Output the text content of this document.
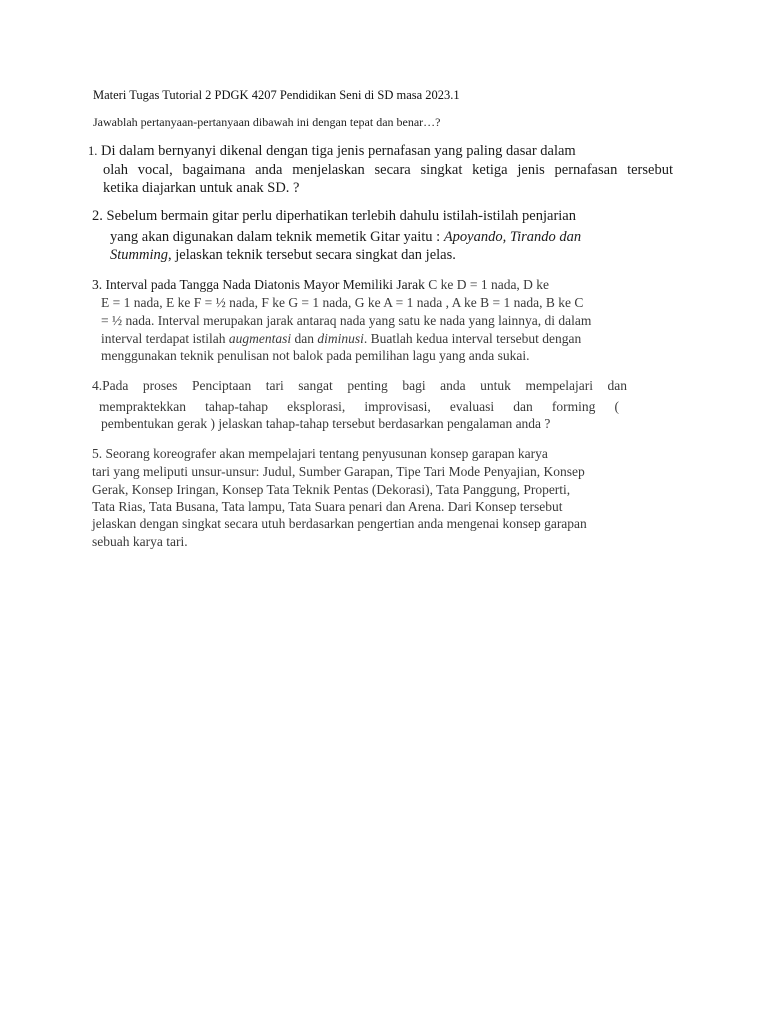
Materi Tugas Tutorial 2 PDGK 4207 Pendidikan Seni di SD masa 2023.1
Jawablah pertanyaan-pertanyaan dibawah ini dengan tepat dan benar…?
1. Di dalam bernyanyi dikenal dengan tiga jenis pernafasan yang paling dasar dalam
olah vocal, bagaimana anda menjelaskan secara singkat ketiga jenis pernafasan tersebut
ketika diajarkan untuk anak SD. ?
2. Sebelum bermain gitar perlu diperhatikan terlebih dahulu istilah-istilah penjarian
yang akan digunakan dalam teknik memetik Gitar yaitu : Apoyando, Tirando dan
Stumming, jelaskan teknik tersebut secara singkat dan jelas.
3. Interval pada Tangga Nada Diatonis Mayor Memiliki Jarak C ke D = 1 nada, D ke
E = 1 nada, E ke F = ½ nada, F ke G = 1 nada, G ke A = 1 nada , A ke B = 1 nada, B ke C
= ½ nada. Interval merupakan jarak antaraq nada yang satu ke nada yang lainnya, di dalam
interval terdapat istilah augmentasi dan diminusi. Buatlah kedua interval tersebut dengan
menggunakan teknik penulisan not balok pada pemilihan lagu yang anda sukai.
4.Pada proses Penciptaan tari sangat penting bagi anda untuk mempelajari dan
mempraktekkan tahap-tahap eksplorasi, improvisasi, evaluasi dan forming (
pembentukan gerak ) jelaskan tahap-tahap tersebut berdasarkan pengalaman anda ?
5. Seorang koreografer akan mempelajari tentang penyusunan konsep garapan karya
tari yang meliputi unsur-unsur: Judul, Sumber Garapan, Tipe Tari Mode Penyajian, Konsep
Gerak, Konsep Iringan, Konsep Tata Teknik Pentas (Dekorasi), Tata Panggung, Properti,
Tata Rias, Tata Busana, Tata lampu, Tata Suara penari dan Arena. Dari Konsep tersebut
jelaskan dengan singkat secara utuh berdasarkan pengertian anda mengenai konsep garapan
sebuah karya tari.
